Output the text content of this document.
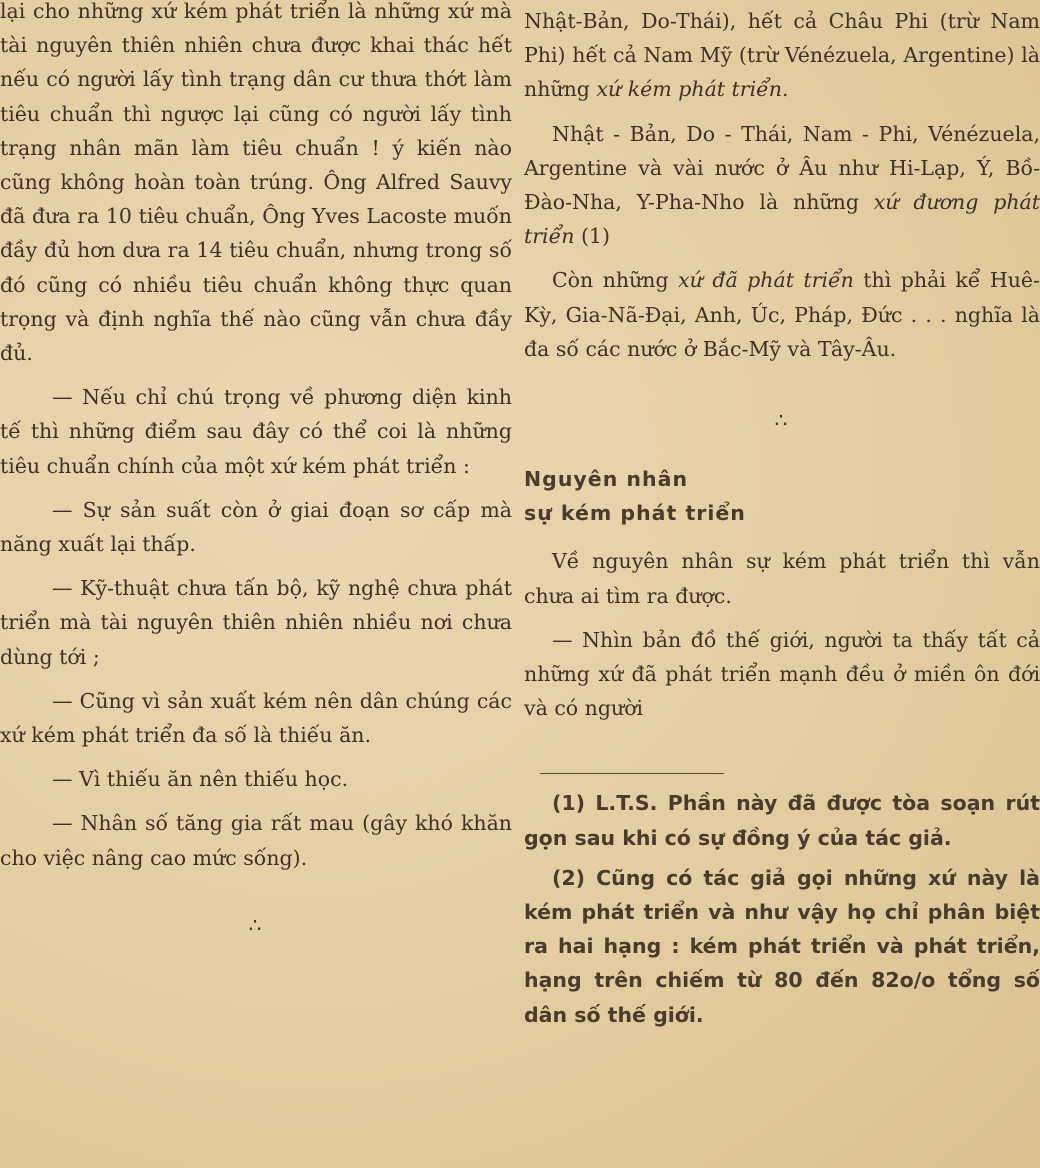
lại cho những xứ kém phát triển là những xứ mà tài nguyên thiên nhiên chưa được khai thác hết nếu có người lấy tình trạng dân cư thưa thớt làm tiêu chuẩn thì ngược lại cũng có người lấy tình trạng nhân mãn làm tiêu chuẩn ! ý kiến nào cũng không hoàn toàn trúng. Ông Alfred Sauvy đã đưa ra 10 tiêu chuẩn, Ông Yves Lacoste muốn đầy đủ hơn dưa ra 14 tiêu chuẩn, nhưng trong số đó cũng có nhiều tiêu chuẩn không thực quan trọng và định nghĩa thế nào cũng vẫn chưa đầy đủ.

— Nếu chỉ chú trọng về phương diện kinh tế thì những điểm sau đây có thể coi là những tiêu chuẩn chính của một xứ kém phát triển :

— Sự sản suất còn ở giai đoạn sơ cấp mà năng xuất lại thấp.

— Kỹ-thuật chưa tấn bộ, kỹ nghệ chưa phát triển mà tài nguyên thiên nhiên nhiều nơi chưa dùng tới ;

— Cũng vì sản xuất kém nên dân chúng các xứ kém phát triển đa số là thiếu ăn.

— Vì thiếu ăn nên thiếu học.

— Nhân số tăng gia rất mau (gây khó khăn cho việc nâng cao mức sống).

∴

Nhật-Bản, Do-Thái), hết cả Châu Phi (trừ Nam Phi) hết cả Nam Mỹ (trừ Vénézuela, Argentine) là những xứ kém phát triển.

Nhật - Bản, Do - Thái, Nam - Phi, Vénézuela, Argentine và vài nước ở Âu như Hi-Lạp, Ý, Bồ-Đào-Nha, Y-Pha-Nho là những xứ đương phát triển (1)

Còn những xứ đã phát triển thì phải kể Huê-Kỳ, Gia-Nã-Đại, Anh, Úc, Pháp, Đức . . . nghĩa là đa số các nước ở Bắc-Mỹ và Tây-Âu.

∴

Nguyên nhân

sự kém phát triển

Về nguyên nhân sự kém phát triển thì vẫn chưa ai tìm ra được.

— Nhìn bản đồ thế giới, người ta thấy tất cả những xứ đã phát triển mạnh đều ở miền ôn đới và có người

(1) L.T.S. Phần này đã được tòa soạn rút gọn sau khi có sự đồng ý của tác giả.

(2) Cũng có tác giả gọi những xứ này là kém phát triển và như vậy họ chỉ phân biệt ra hai hạng : kém phát triển và phát triển, hạng trên chiếm từ 80 đến 82o/o tổng số dân số thế giới.
